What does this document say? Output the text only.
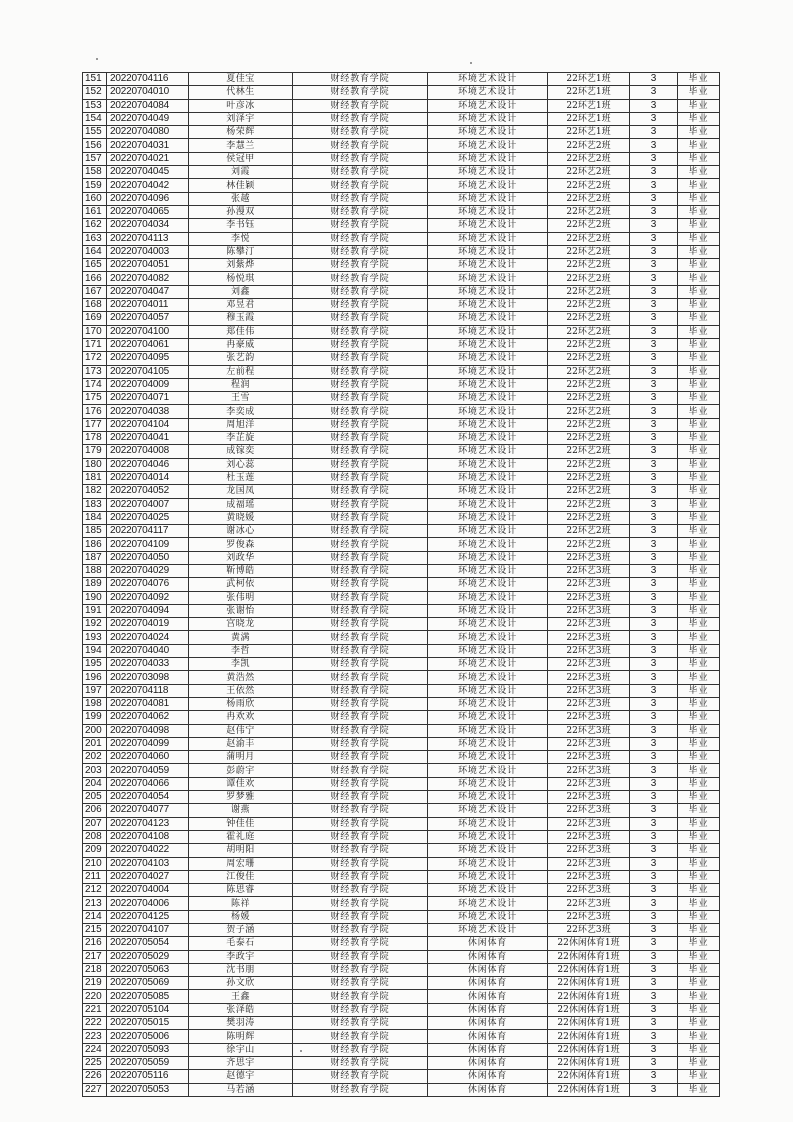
151	20220704116	夏佳宝	财经教育学院	环境艺术设计	22环艺1班	3	毕业
152	20220704010	代林生	财经教育学院	环境艺术设计	22环艺1班	3	毕业
153	20220704084	叶彦冰	财经教育学院	环境艺术设计	22环艺1班	3	毕业
154	20220704049	刘泽宇	财经教育学院	环境艺术设计	22环艺1班	3	毕业
155	20220704080	杨荣辉	财经教育学院	环境艺术设计	22环艺1班	3	毕业
156	20220704031	李慧兰	财经教育学院	环境艺术设计	22环艺2班	3	毕业
157	20220704021	侯冠甲	财经教育学院	环境艺术设计	22环艺2班	3	毕业
158	20220704045	刘霞	财经教育学院	环境艺术设计	22环艺2班	3	毕业
159	20220704042	林佳颖	财经教育学院	环境艺术设计	22环艺2班	3	毕业
160	20220704096	张越	财经教育学院	环境艺术设计	22环艺2班	3	毕业
161	20220704065	孙漫双	财经教育学院	环境艺术设计	22环艺2班	3	毕业
162	20220704034	李书钰	财经教育学院	环境艺术设计	22环艺2班	3	毕业
163	20220704113	李悦	财经教育学院	环境艺术设计	22环艺2班	3	毕业
164	20220704003	陈攀汀	财经教育学院	环境艺术设计	22环艺2班	3	毕业
165	20220704051	刘紫烨	财经教育学院	环境艺术设计	22环艺2班	3	毕业
166	20220704082	杨悦琪	财经教育学院	环境艺术设计	22环艺2班	3	毕业
167	20220704047	刘鑫	财经教育学院	环境艺术设计	22环艺2班	3	毕业
168	20220704011	邓昱君	财经教育学院	环境艺术设计	22环艺2班	3	毕业
169	20220704057	穆玉霞	财经教育学院	环境艺术设计	22环艺2班	3	毕业
170	20220704100	郑佳伟	财经教育学院	环境艺术设计	22环艺2班	3	毕业
171	20220704061	冉豪威	财经教育学院	环境艺术设计	22环艺2班	3	毕业
172	20220704095	张艺韵	财经教育学院	环境艺术设计	22环艺2班	3	毕业
173	20220704105	左前程	财经教育学院	环境艺术设计	22环艺2班	3	毕业
174	20220704009	程润	财经教育学院	环境艺术设计	22环艺2班	3	毕业
175	20220704071	王雪	财经教育学院	环境艺术设计	22环艺2班	3	毕业
176	20220704038	李奕成	财经教育学院	环境艺术设计	22环艺2班	3	毕业
177	20220704104	周旭洋	财经教育学院	环境艺术设计	22环艺2班	3	毕业
178	20220704041	李芷旋	财经教育学院	环境艺术设计	22环艺2班	3	毕业
179	20220704008	成镓奕	财经教育学院	环境艺术设计	22环艺2班	3	毕业
180	20220704046	刘心蕊	财经教育学院	环境艺术设计	22环艺2班	3	毕业
181	20220704014	杜玉莲	财经教育学院	环境艺术设计	22环艺2班	3	毕业
182	20220704052	龙国凤	财经教育学院	环境艺术设计	22环艺2班	3	毕业
183	20220704007	成福瑶	财经教育学院	环境艺术设计	22环艺2班	3	毕业
184	20220704025	黄晓媛	财经教育学院	环境艺术设计	22环艺2班	3	毕业
185	20220704117	谢冰心	财经教育学院	环境艺术设计	22环艺2班	3	毕业
186	20220704109	罗俊森	财经教育学院	环境艺术设计	22环艺2班	3	毕业
187	20220704050	刘政华	财经教育学院	环境艺术设计	22环艺3班	3	毕业
188	20220704029	靳博皓	财经教育学院	环境艺术设计	22环艺3班	3	毕业
189	20220704076	武柯依	财经教育学院	环境艺术设计	22环艺3班	3	毕业
190	20220704092	张伟明	财经教育学院	环境艺术设计	22环艺3班	3	毕业
191	20220704094	张谢怡	财经教育学院	环境艺术设计	22环艺3班	3	毕业
192	20220704019	宫晓龙	财经教育学院	环境艺术设计	22环艺3班	3	毕业
193	20220704024	黄满	财经教育学院	环境艺术设计	22环艺3班	3	毕业
194	20220704040	李哲	财经教育学院	环境艺术设计	22环艺3班	3	毕业
195	20220704033	李凯	财经教育学院	环境艺术设计	22环艺3班	3	毕业
196	20220703098	黄浩然	财经教育学院	环境艺术设计	22环艺3班	3	毕业
197	20220704118	王依然	财经教育学院	环境艺术设计	22环艺3班	3	毕业
198	20220704081	杨雨欣	财经教育学院	环境艺术设计	22环艺3班	3	毕业
199	20220704062	冉欢欢	财经教育学院	环境艺术设计	22环艺3班	3	毕业
200	20220704098	赵伟宁	财经教育学院	环境艺术设计	22环艺3班	3	毕业
201	20220704099	赵渝丰	财经教育学院	环境艺术设计	22环艺3班	3	毕业
202	20220704060	蒲明月	财经教育学院	环境艺术设计	22环艺3班	3	毕业
203	20220704059	彭蔚宇	财经教育学院	环境艺术设计	22环艺3班	3	毕业
204	20220704066	谭佳欢	财经教育学院	环境艺术设计	22环艺3班	3	毕业
205	20220704054	罗梦雅	财经教育学院	环境艺术设计	22环艺3班	3	毕业
206	20220704077	谢燕	财经教育学院	环境艺术设计	22环艺3班	3	毕业
207	20220704123	钟佳佳	财经教育学院	环境艺术设计	22环艺3班	3	毕业
208	20220704108	霍礼庭	财经教育学院	环境艺术设计	22环艺3班	3	毕业
209	20220704022	胡明阳	财经教育学院	环境艺术设计	22环艺3班	3	毕业
210	20220704103	周宏珊	财经教育学院	环境艺术设计	22环艺3班	3	毕业
211	20220704027	江俊佳	财经教育学院	环境艺术设计	22环艺3班	3	毕业
212	20220704004	陈思睿	财经教育学院	环境艺术设计	22环艺3班	3	毕业
213	20220704006	陈祥	财经教育学院	环境艺术设计	22环艺3班	3	毕业
214	20220704125	杨媛	财经教育学院	环境艺术设计	22环艺3班	3	毕业
215	20220704107	贺子涵	财经教育学院	环境艺术设计	22环艺3班	3	毕业
216	20220705054	毛泰石	财经教育学院	休闲体育	22休闲体育1班	3	毕业
217	20220705029	李政宇	财经教育学院	休闲体育	22休闲体育1班	3	毕业
218	20220705063	沈书朋	财经教育学院	休闲体育	22休闲体育1班	3	毕业
219	20220705069	孙文欣	财经教育学院	休闲体育	22休闲体育1班	3	毕业
220	20220705085	王鑫	财经教育学院	休闲体育	22休闲体育1班	3	毕业
221	20220705104	张泽皓	财经教育学院	休闲体育	22休闲体育1班	3	毕业
222	20220705015	樊羽涛	财经教育学院	休闲体育	22休闲体育1班	3	毕业
223	20220705006	陈明辉	财经教育学院	休闲体育	22休闲体育1班	3	毕业
224	20220705093	徐宇山	财经教育学院	休闲体育	22休闲体育1班	3	毕业
225	20220705059	齐思宇	财经教育学院	休闲体育	22休闲体育1班	3	毕业
226	20220705116	赵德宇	财经教育学院	休闲体育	22休闲体育1班	3	毕业
227	20220705053	马若涵	财经教育学院	休闲体育	22休闲体育1班	3	毕业
